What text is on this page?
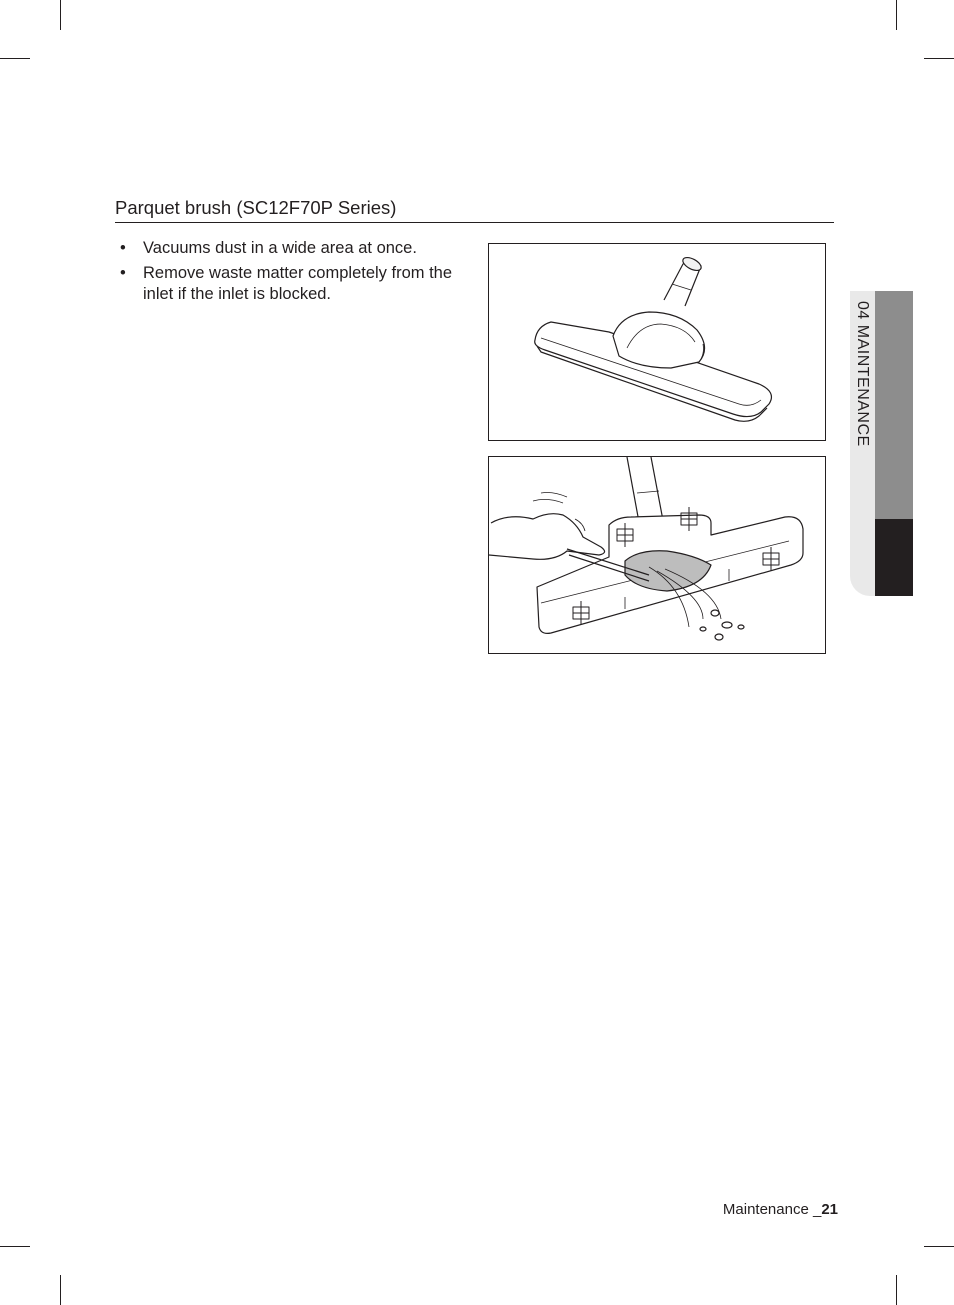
Parquet brush (SC12F70P Series)
• Vacuums dust in a wide area at once.
• Remove waste matter completely from the inlet if the inlet is blocked.
04 MAINTENANCE
Maintenance _21
